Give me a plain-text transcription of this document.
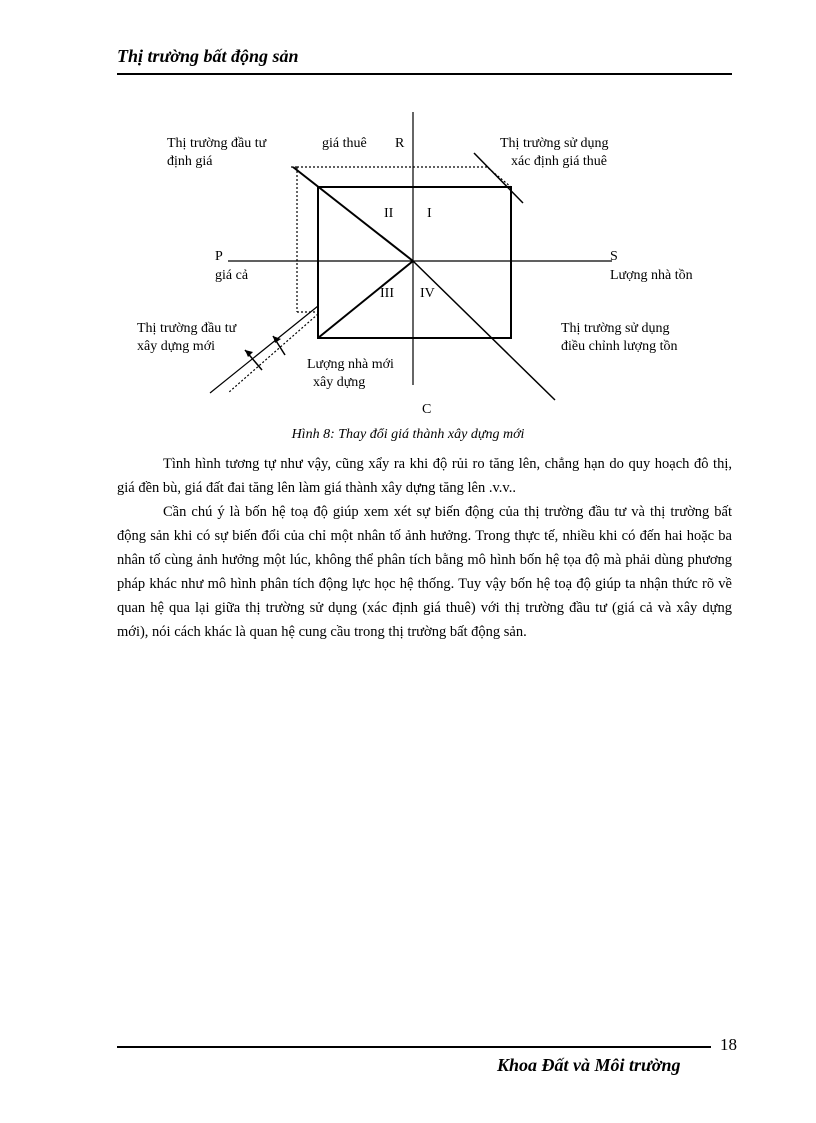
Thị trường bất động sản
Thị trường đầu tư
định giá
giá thuê R	Thị trường sử dụng
xác định giá thuê
II I
P
giá cả
S
Lượng nhà tồn
III IV
Thị trường đầu tư
xây dựng mới
Thị trường sử dụng
điều chỉnh lượng tồn
Lượng nhà mới
xây dựng
C
Hình 8: Thay đổi giá thành xây dựng mới

Tình hình tương tự như vậy, cũng xẩy ra khi độ rủi ro tăng lên, chẳng hạn do quy hoạch đô thị, giá đền bù, giá đất đai tăng lên làm giá thành xây dựng tăng lên .v.v..

Cần chú ý là bốn hệ toạ độ giúp xem xét sự biến động của thị trường đầu tư và thị trường bất động sản khi có sự biến đổi của chỉ một nhân tố ảnh hưởng. Trong thực tế, nhiều khi có đến hai hoặc ba nhân tố cùng ảnh hưởng một lúc, không thể phân tích bằng mô hình bốn hệ tọa độ mà phải dùng phương pháp khác như mô hình phân tích động lực học hệ thống. Tuy vậy bốn hệ toạ độ giúp ta nhận thức rõ về quan hệ qua lại giữa thị trường sử dụng (xác định giá thuê) với thị trường đầu tư (giá cả và xây dựng mới), nói cách khác là quan hệ cung cầu trong thị trường bất động sản.

18
Khoa Đất và Môi trường
